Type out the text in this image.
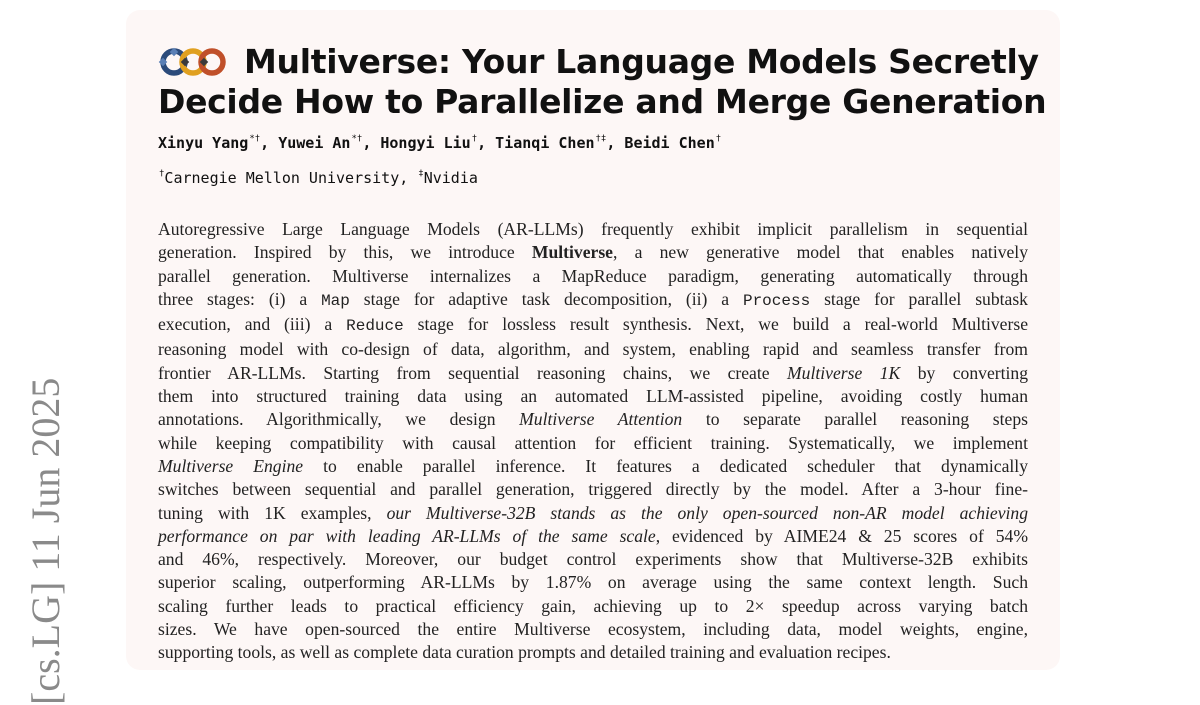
[cs.LG] 11 Jun 2025
Multiverse: Your Language Models Secretly
Decide How to Parallelize and Merge Generation
Xinyu Yang*†, Yuwei An*†, Hongyi Liu†, Tianqi Chen†‡, Beidi Chen†
†Carnegie Mellon University, ‡Nvidia
Autoregressive Large Language Models (AR-LLMs) frequently exhibit implicit parallelism in sequential
generation. Inspired by this, we introduce Multiverse, a new generative model that enables natively
parallel generation. Multiverse internalizes a MapReduce paradigm, generating automatically through
three stages: (i) a Map stage for adaptive task decomposition, (ii) a Process stage for parallel subtask
execution, and (iii) a Reduce stage for lossless result synthesis. Next, we build a real-world Multiverse
reasoning model with co-design of data, algorithm, and system, enabling rapid and seamless transfer from
frontier AR-LLMs. Starting from sequential reasoning chains, we create Multiverse 1K by converting
them into structured training data using an automated LLM-assisted pipeline, avoiding costly human
annotations. Algorithmically, we design Multiverse Attention to separate parallel reasoning steps
while keeping compatibility with causal attention for efficient training. Systematically, we implement
Multiverse Engine to enable parallel inference. It features a dedicated scheduler that dynamically
switches between sequential and parallel generation, triggered directly by the model. After a 3-hour fine-
tuning with 1K examples, our Multiverse-32B stands as the only open-sourced non-AR model achieving
performance on par with leading AR-LLMs of the same scale, evidenced by AIME24 & 25 scores of 54%
and 46%, respectively. Moreover, our budget control experiments show that Multiverse-32B exhibits
superior scaling, outperforming AR-LLMs by 1.87% on average using the same context length. Such
scaling further leads to practical efficiency gain, achieving up to 2× speedup across varying batch
sizes. We have open-sourced the entire Multiverse ecosystem, including data, model weights, engine,
supporting tools, as well as complete data curation prompts and detailed training and evaluation recipes.
